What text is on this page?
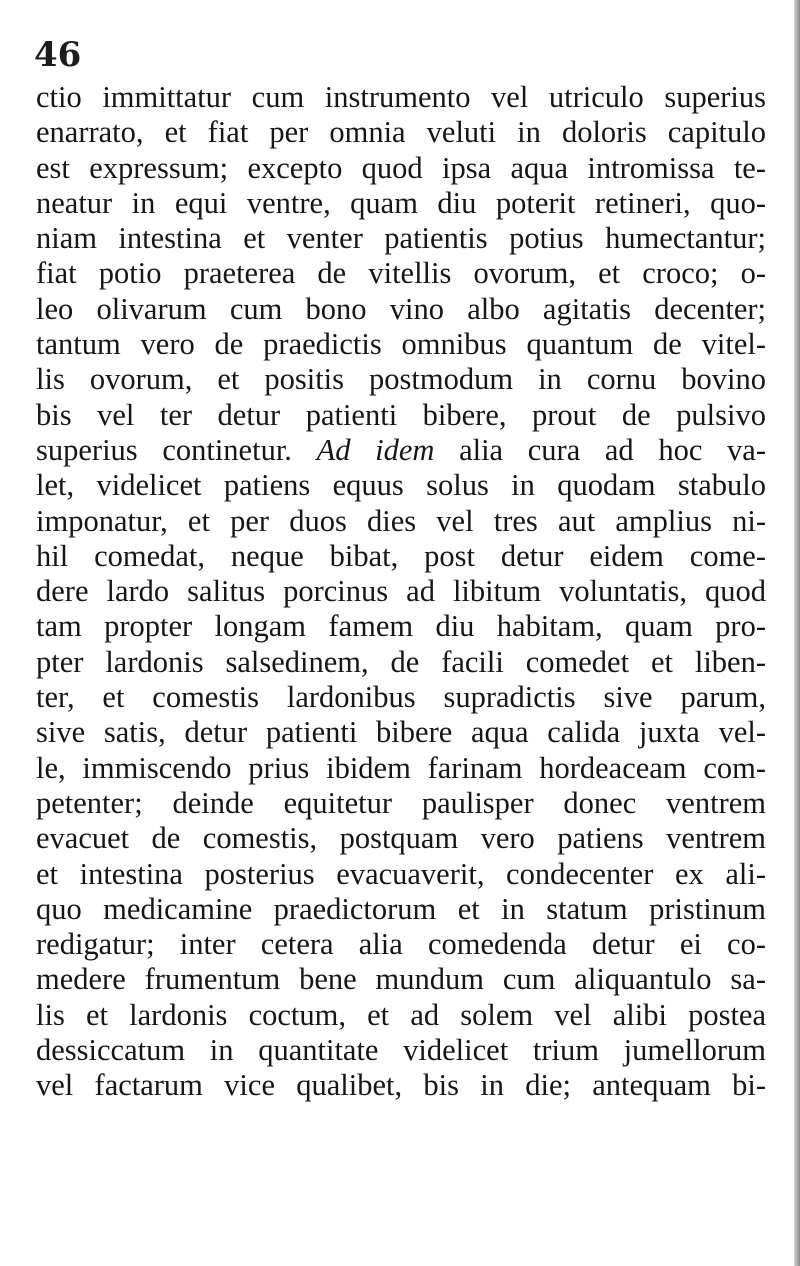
46
ctio immittatur cum instrumento vel utriculo superius
enarrato, et fiat per omnia veluti in doloris capitulo
est expressum; excepto quod ipsa aqua intromissa te-
neatur in equi ventre, quam diu poterit retineri, quo-
niam intestina et venter patientis potius humectantur;
fiat potio praeterea de vitellis ovorum, et croco; o-
leo olivarum cum bono vino albo agitatis decenter;
tantum vero de praedictis omnibus quantum de vitel-
lis ovorum, et positis postmodum in cornu bovino
bis vel ter detur patienti bibere, prout de pulsivo
superius continetur. Ad idem alia cura ad hoc va-
let, videlicet patiens equus solus in quodam stabulo
imponatur, et per duos dies vel tres aut amplius ni-
hil comedat, neque bibat, post detur eidem come-
dere lardo salitus porcinus ad libitum voluntatis, quod
tam propter longam famem diu habitam, quam pro-
pter lardonis salsedinem, de facili comedet et liben-
ter, et comestis lardonibus supradictis sive parum,
sive satis, detur patienti bibere aqua calida juxta vel-
le, immiscendo prius ibidem farinam hordeaceam com-
petenter; deinde equitetur paulisper donec ventrem
evacuet de comestis, postquam vero patiens ventrem
et intestina posterius evacuaverit, condecenter ex ali-
quo medicamine praedictorum et in statum pristinum
redigatur; inter cetera alia comedenda detur ei co-
medere frumentum bene mundum cum aliquantulo sa-
lis et lardonis coctum, et ad solem vel alibi postea
dessiccatum in quantitate videlicet trium jumellorum
vel factarum vice qualibet, bis in die; antequam bi-
